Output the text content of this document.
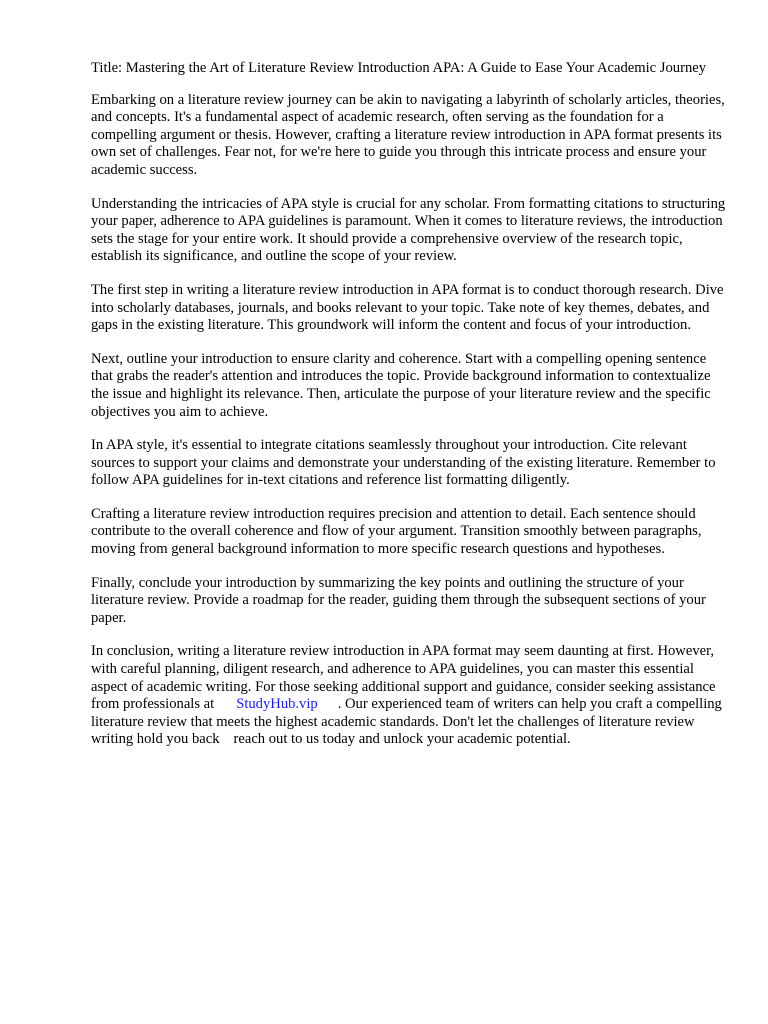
Title: Mastering the Art of Literature Review Introduction APA: A Guide to Ease Your Academic Journey

Embarking on a literature review journey can be akin to navigating a labyrinth of scholarly articles, theories, and concepts. It's a fundamental aspect of academic research, often serving as the foundation for a compelling argument or thesis. However, crafting a literature review introduction in APA format presents its own set of challenges. Fear not, for we're here to guide you through this intricate process and ensure your academic success.

Understanding the intricacies of APA style is crucial for any scholar. From formatting citations to structuring your paper, adherence to APA guidelines is paramount. When it comes to literature reviews, the introduction sets the stage for your entire work. It should provide a comprehensive overview of the research topic, establish its significance, and outline the scope of your review.

The first step in writing a literature review introduction in APA format is to conduct thorough research. Dive into scholarly databases, journals, and books relevant to your topic. Take note of key themes, debates, and gaps in the existing literature. This groundwork will inform the content and focus of your introduction.

Next, outline your introduction to ensure clarity and coherence. Start with a compelling opening sentence that grabs the reader's attention and introduces the topic. Provide background information to contextualize the issue and highlight its relevance. Then, articulate the purpose of your literature review and the specific objectives you aim to achieve.

In APA style, it's essential to integrate citations seamlessly throughout your introduction. Cite relevant sources to support your claims and demonstrate your understanding of the existing literature. Remember to follow APA guidelines for in-text citations and reference list formatting diligently.

Crafting a literature review introduction requires precision and attention to detail. Each sentence should contribute to the overall coherence and flow of your argument. Transition smoothly between paragraphs, moving from general background information to more specific research questions and hypotheses.

Finally, conclude your introduction by summarizing the key points and outlining the structure of your literature review. Provide a roadmap for the reader, guiding them through the subsequent sections of your paper.

In conclusion, writing a literature review introduction in APA format may seem daunting at first. However, with careful planning, diligent research, and adherence to APA guidelines, you can master this essential aspect of academic writing. For those seeking additional support and guidance, consider seeking assistance from professionals at StudyHub.vip . Our experienced team of writers can help you craft a compelling literature review that meets the highest academic standards. Don't let the challenges of literature review writing hold you back reach out to us today and unlock your academic potential.
